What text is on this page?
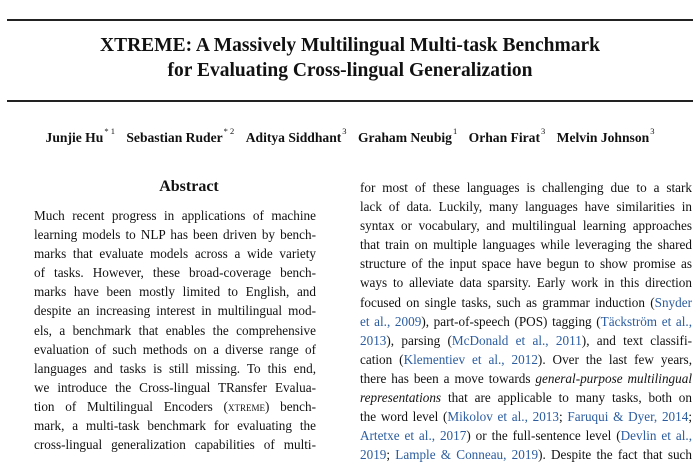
XTREME: A Massively Multilingual Multi-task Benchmark
for Evaluating Cross-lingual Generalization
Junjie Hu$^{* 1}$ Sebastian Ruder$^{* 2}$ Aditya Siddhant$^3$ Graham Neubig$^1$ Orhan Firat$^3$ Melvin Johnson$^3$
Abstract
Much recent progress in applications of machine
learning models to NLP has been driven by bench-
marks that evaluate models across a wide variety
of tasks. However, these broad-coverage bench-
marks have been mostly limited to English, and
despite an increasing interest in multilingual mod-
els, a benchmark that enables the comprehensive
evaluation of such methods on a diverse range of
languages and tasks is still missing. To this end,
we introduce the Cross-lingual TRansfer Evalua-
tion of Multilingual Encoders (xtreme) bench-
mark, a multi-task benchmark for evaluating the
cross-lingual generalization capabilities of multi-
for most of these languages is challenging due to a stark
lack of data. Luckily, many languages have similarities in
syntax or vocabulary, and multilingual learning approaches
that train on multiple languages while leveraging the shared
structure of the input space have begun to show promise as
ways to alleviate data sparsity. Early work in this direction
focused on single tasks, such as grammar induction (Snyder
et al., 2009), part-of-speech (POS) tagging (Täckström et al.,
2013), parsing (McDonald et al., 2011), and text classifi-
cation (Klementiev et al., 2012). Over the last few years,
there has been a move towards general-purpose multilingual
representations that are applicable to many tasks, both on
the word level (Mikolov et al., 2013; Faruqui & Dyer, 2014;
Artetxe et al., 2017) or the full-sentence level (Devlin et al.,
2019; Lample & Conneau, 2019). Despite the fact that such
